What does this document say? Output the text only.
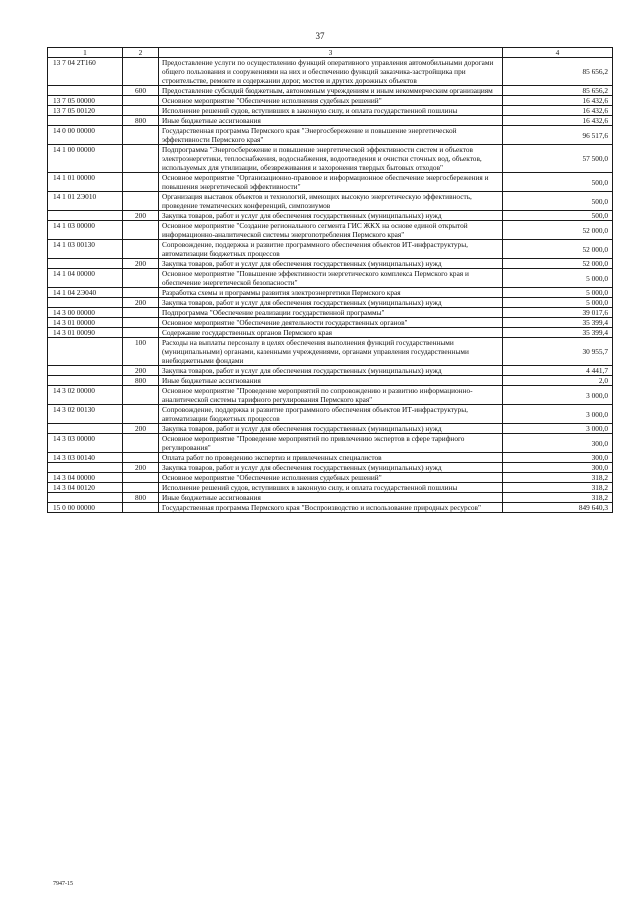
37
1	2	3	4
13 7 04 2Т160		Предоставление услуги по осуществлению функций оперативного управления автомобильными дорогами общего пользования и сооружениями на них и обеспечению функций заказчика-застройщика при строительстве, ремонте и содержании дорог, мостов и других дорожных объектов	85 656,2
	600	Предоставление субсидий бюджетным, автономным учреждениям и иным некоммерческим организациям	85 656,2
13 7 05 00000		Основное мероприятие "Обеспечение исполнения судебных решений"	16 432,6
13 7 05 00120		Исполнение решений судов, вступивших в законную силу, и оплата государственной пошлины	16 432,6
	800	Иные бюджетные ассигнования	16 432,6
14 0 00 00000		Государственная программа Пермского края "Энергосбережение и повышение энергетической эффективности Пермского края"	96 517,6
14 1 00 00000		Подпрограмма "Энергосбережение и повышение энергетической эффективности систем и объектов электроэнергетики, теплоснабжения, водоснабжения, водоотведения и очистки сточных вод, объектов, используемых для утилизации, обезвреживания и захоронения твердых бытовых отходов"	57 500,0
14 1 01 00000		Основное мероприятие "Организационно-правовое и информационное обеспечение энергосбережения и повышения энергетической эффективности"	500,0
14 1 01 2Э010		Организация выставок объектов и технологий, имеющих высокую энергетическую эффективность, проведение тематических конференций, симпозиумов	500,0
	200	Закупка товаров, работ и услуг для обеспечения государственных (муниципальных) нужд	500,0
14 1 03 00000		Основное мероприятие "Создание регионального сегмента ГИС ЖКХ на основе единой открытой информационно-аналитической системы энергопотребления Пермского края"	52 000,0
14 1 03 00130		Сопровождение, поддержка и развитие программного обеспечения объектов ИТ-инфраструктуры, автоматизации бюджетных процессов	52 000,0
	200	Закупка товаров, работ и услуг для обеспечения государственных (муниципальных) нужд	52 000,0
14 1 04 00000		Основное мероприятие "Повышение эффективности энергетического комплекса Пермского края и обеспечение энергетической безопасности"	5 000,0
14 1 04 2Э040		Разработка схемы и программы развития электроэнергетики Пермского края	5 000,0
	200	Закупка товаров, работ и услуг для обеспечения государственных (муниципальных) нужд	5 000,0
14 3 00 00000		Подпрограмма "Обеспечение реализации государственной программы"	39 017,6
14 3 01 00000		Основное мероприятие "Обеспечение деятельности государственных органов"	35 399,4
14 3 01 00090		Содержание государственных органов Пермского края	35 399,4
	100	Расходы на выплаты персоналу в целях обеспечения выполнения функций государственными (муниципальными) органами, казенными учреждениями, органами управления государственными внебюджетными фондами	30 955,7
	200	Закупка товаров, работ и услуг для обеспечения государственных (муниципальных) нужд	4 441,7
	800	Иные бюджетные ассигнования	2,0
14 3 02 00000		Основное мероприятие "Проведение мероприятий по сопровождению и развитию информационно-аналитической системы тарифного регулирования Пермского края"	3 000,0
14 3 02 00130		Сопровождение, поддержка и развитие программного обеспечения объектов ИТ-инфраструктуры, автоматизации бюджетных процессов	3 000,0
	200	Закупка товаров, работ и услуг для обеспечения государственных (муниципальных) нужд	3 000,0
14 3 03 00000		Основное мероприятие "Проведение мероприятий по привлечению экспертов в сфере тарифного регулирования"	300,0
14 3 03 00140		Оплата работ по проведению экспертиз и привлеченных специалистов	300,0
	200	Закупка товаров, работ и услуг для обеспечения государственных (муниципальных) нужд	300,0
14 3 04 00000		Основное мероприятие "Обеспечение исполнения судебных решений"	318,2
14 3 04 00120		Исполнение решений судов, вступивших в законную силу, и оплата государственной пошлины	318,2
	800	Иные бюджетные ассигнования	318,2
15 0 00 00000		Государственная программа Пермского края "Воспроизводство и использование природных ресурсов"	849 640,3
7947-15
